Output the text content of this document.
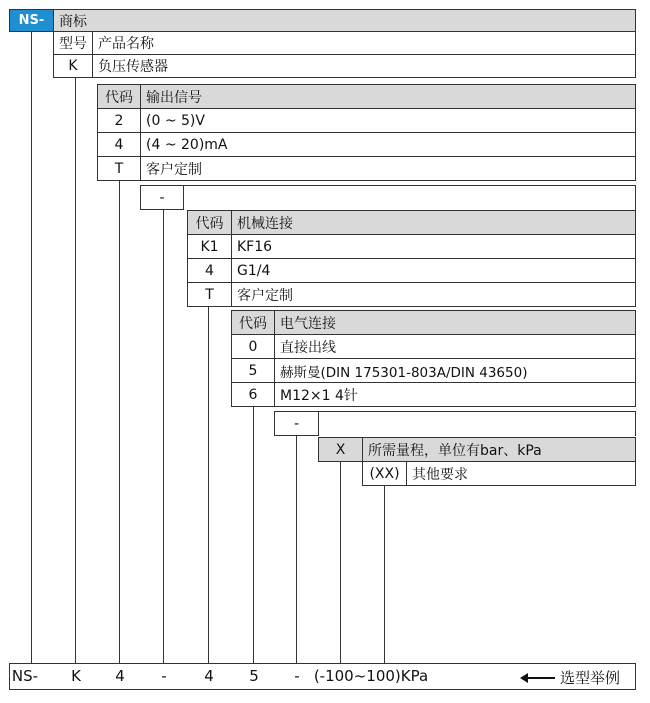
NS-	商标
型号 产品名称
K	负压传感器
代码 输出信号
2	(0 ~ 5)V
4	(4 ~ 20)mA
T	客户定制
-
代码 机械连接
K1	KF16
4	G1/4
T	客户定制
代码 电气连接
0	直接出线
5	赫斯曼(DIN 175301-803A/DIN 43650)
6	M12×1 4针
-
X	所需量程，单位有bar、kPa
(XX) 其他要求
NS- K 4 -	4 5 - (-100~100)KPa	选型举例
